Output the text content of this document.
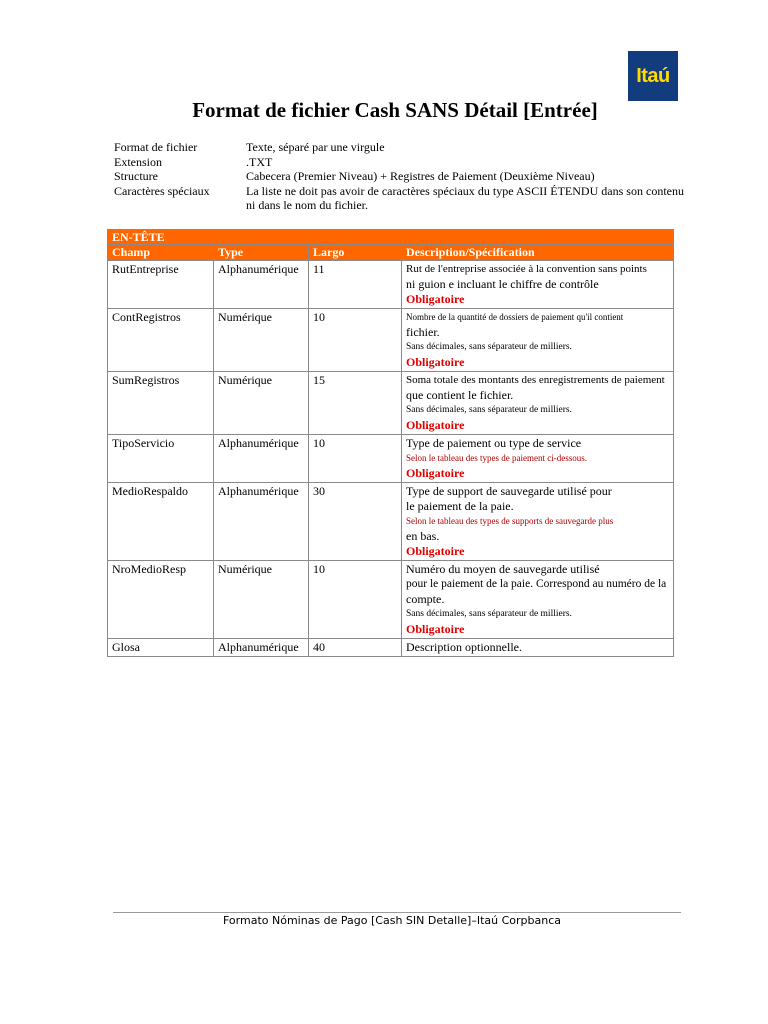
Itaú
Format de fichier Cash SANS Détail [Entrée]
Format de fichier	Texte, séparé par une virgule
Extension	.TXT
Structure	Cabecera (Premier Niveau) + Registres de Paiement (Deuxième Niveau)
Caractères spéciaux	La liste ne doit pas avoir de caractères spéciaux du type ASCII ÉTENDU dans son contenu ni dans le nom du fichier.
EN-TÊTE			
Champ	Type	Largo	Description/Spécification
RutEntreprise	Alphanumérique	11	Rut de l'entreprise associée à la convention sans points
ni guion e incluant le chiffre de contrôle
Obligatoire

ContRegistros	Numérique	10	Nombre de la quantité de dossiers de paiement qu'il contient
fichier.
Sans décimales, sans séparateur de milliers.
Obligatoire

SumRegistros	Numérique	15	Soma totale des montants des enregistrements de paiement
que contient le fichier.
Sans décimales, sans séparateur de milliers.
Obligatoire

TipoServicio	Alphanumérique	10	Type de paiement ou type de service
Selon le tableau des types de paiement ci-dessous.
Obligatoire

MedioRespaldo	Alphanumérique	30	Type de support de sauvegarde utilisé pour
le paiement de la paie.
Selon le tableau des types de supports de sauvegarde plus
en bas.
Obligatoire

NroMedioResp	Numérique	10	Numéro du moyen de sauvegarde utilisé
pour le paiement de la paie. Correspond au numéro de la
compte.
Sans décimales, sans séparateur de milliers.
Obligatoire

Glosa	Alphanumérique	40	Description optionnelle.
Formato Nóminas de Pago [Cash SIN Detalle]–Itaú Corpbanca
